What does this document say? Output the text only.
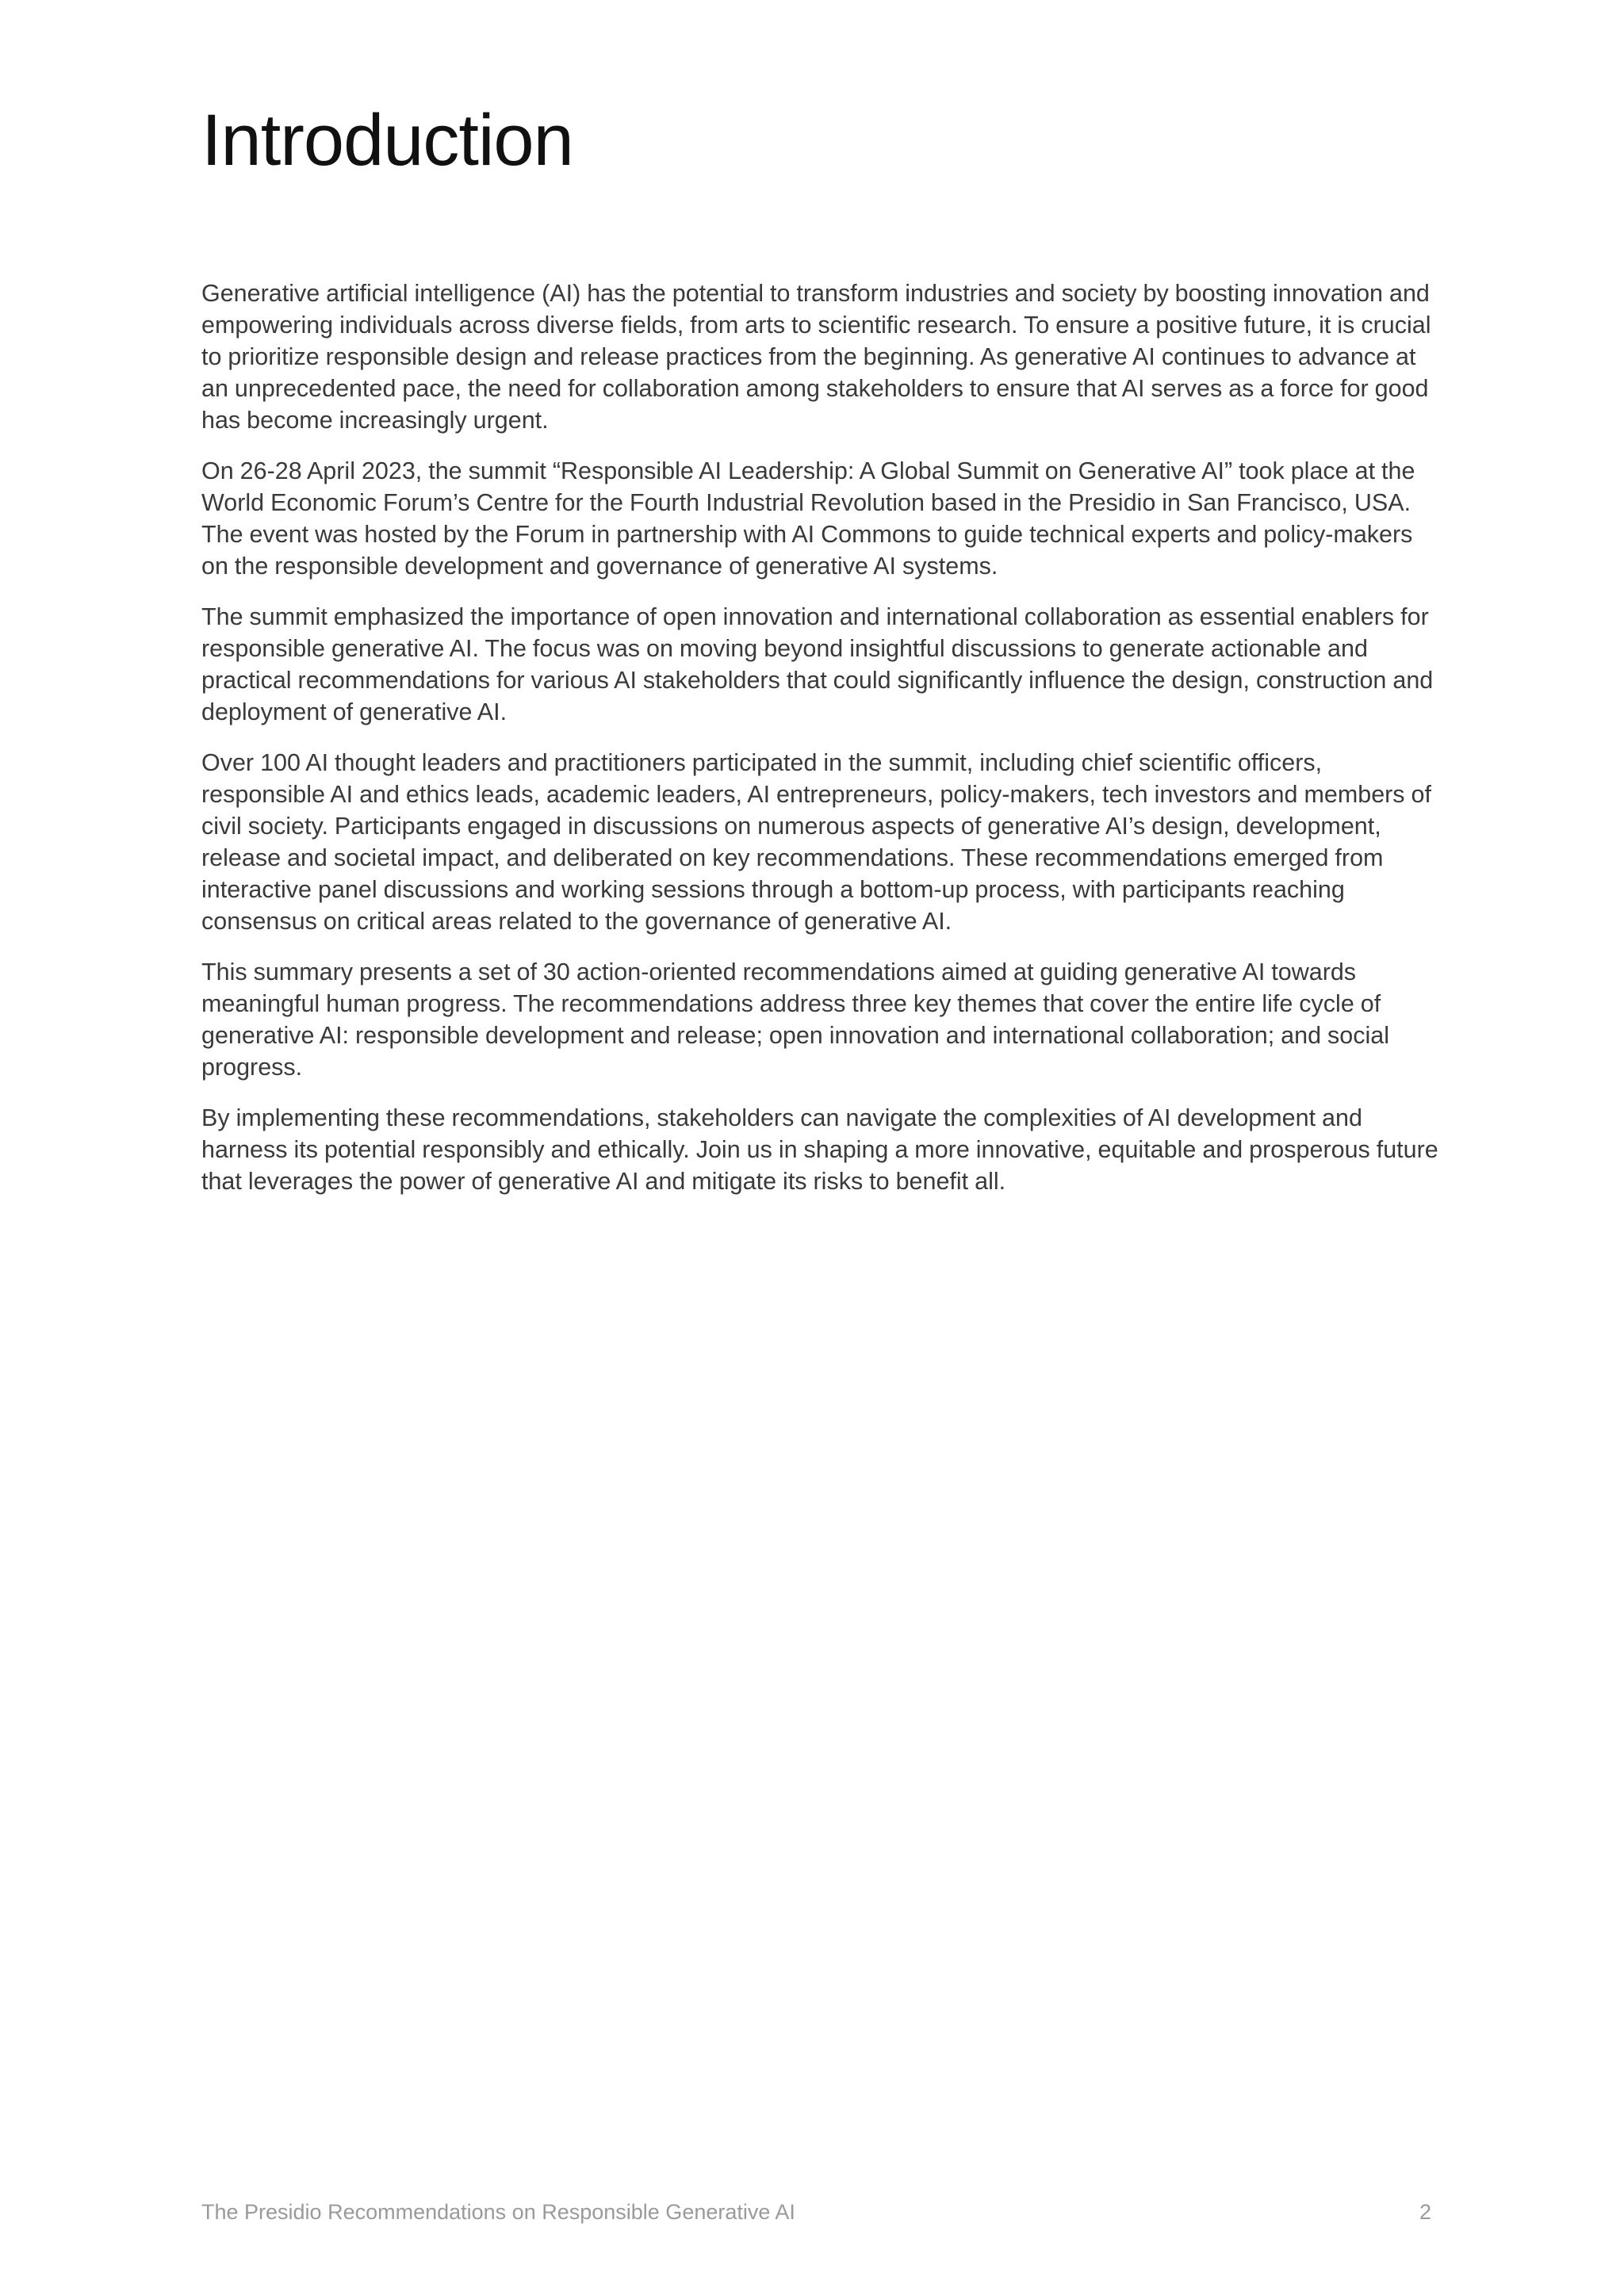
Introduction

Generative artificial intelligence (AI) has the potential to transform industries and society by boosting innovation and empowering individuals across diverse fields, from arts to scientific research. To ensure a positive future, it is crucial to prioritize responsible design and release practices from the beginning. As generative AI continues to advance at an unprecedented pace, the need for collaboration among stakeholders to ensure that AI serves as a force for good has become increasingly urgent.

On 26-28 April 2023, the summit “Responsible AI Leadership: A Global Summit on Generative AI” took place at the World Economic Forum’s Centre for the Fourth Industrial Revolution based in the Presidio in San Francisco, USA. The event was hosted by the Forum in partnership with AI Commons to guide technical experts and policy-makers on the responsible development and governance of generative AI systems.

The summit emphasized the importance of open innovation and international collaboration as essential enablers for responsible generative AI. The focus was on moving beyond insightful discussions to generate actionable and practical recommendations for various AI stakeholders that could significantly influence the design, construction and deployment of generative AI.

Over 100 AI thought leaders and practitioners participated in the summit, including chief scientific officers, responsible AI and ethics leads, academic leaders, AI entrepreneurs, policy-makers, tech investors and members of civil society. Participants engaged in discussions on numerous aspects of generative AI’s design, development, release and societal impact, and deliberated on key recommendations. These recommendations emerged from interactive panel discussions and working sessions through a bottom-up process, with participants reaching consensus on critical areas related to the governance of generative AI.

This summary presents a set of 30 action-oriented recommendations aimed at guiding generative AI towards meaningful human progress. The recommendations address three key themes that cover the entire life cycle of generative AI: responsible development and release; open innovation and international collaboration; and social progress.

By implementing these recommendations, stakeholders can navigate the complexities of AI development and harness its potential responsibly and ethically. Join us in shaping a more innovative, equitable and prosperous future that leverages the power of generative AI and mitigate its risks to benefit all.

The Presidio Recommendations on Responsible Generative AI	2
